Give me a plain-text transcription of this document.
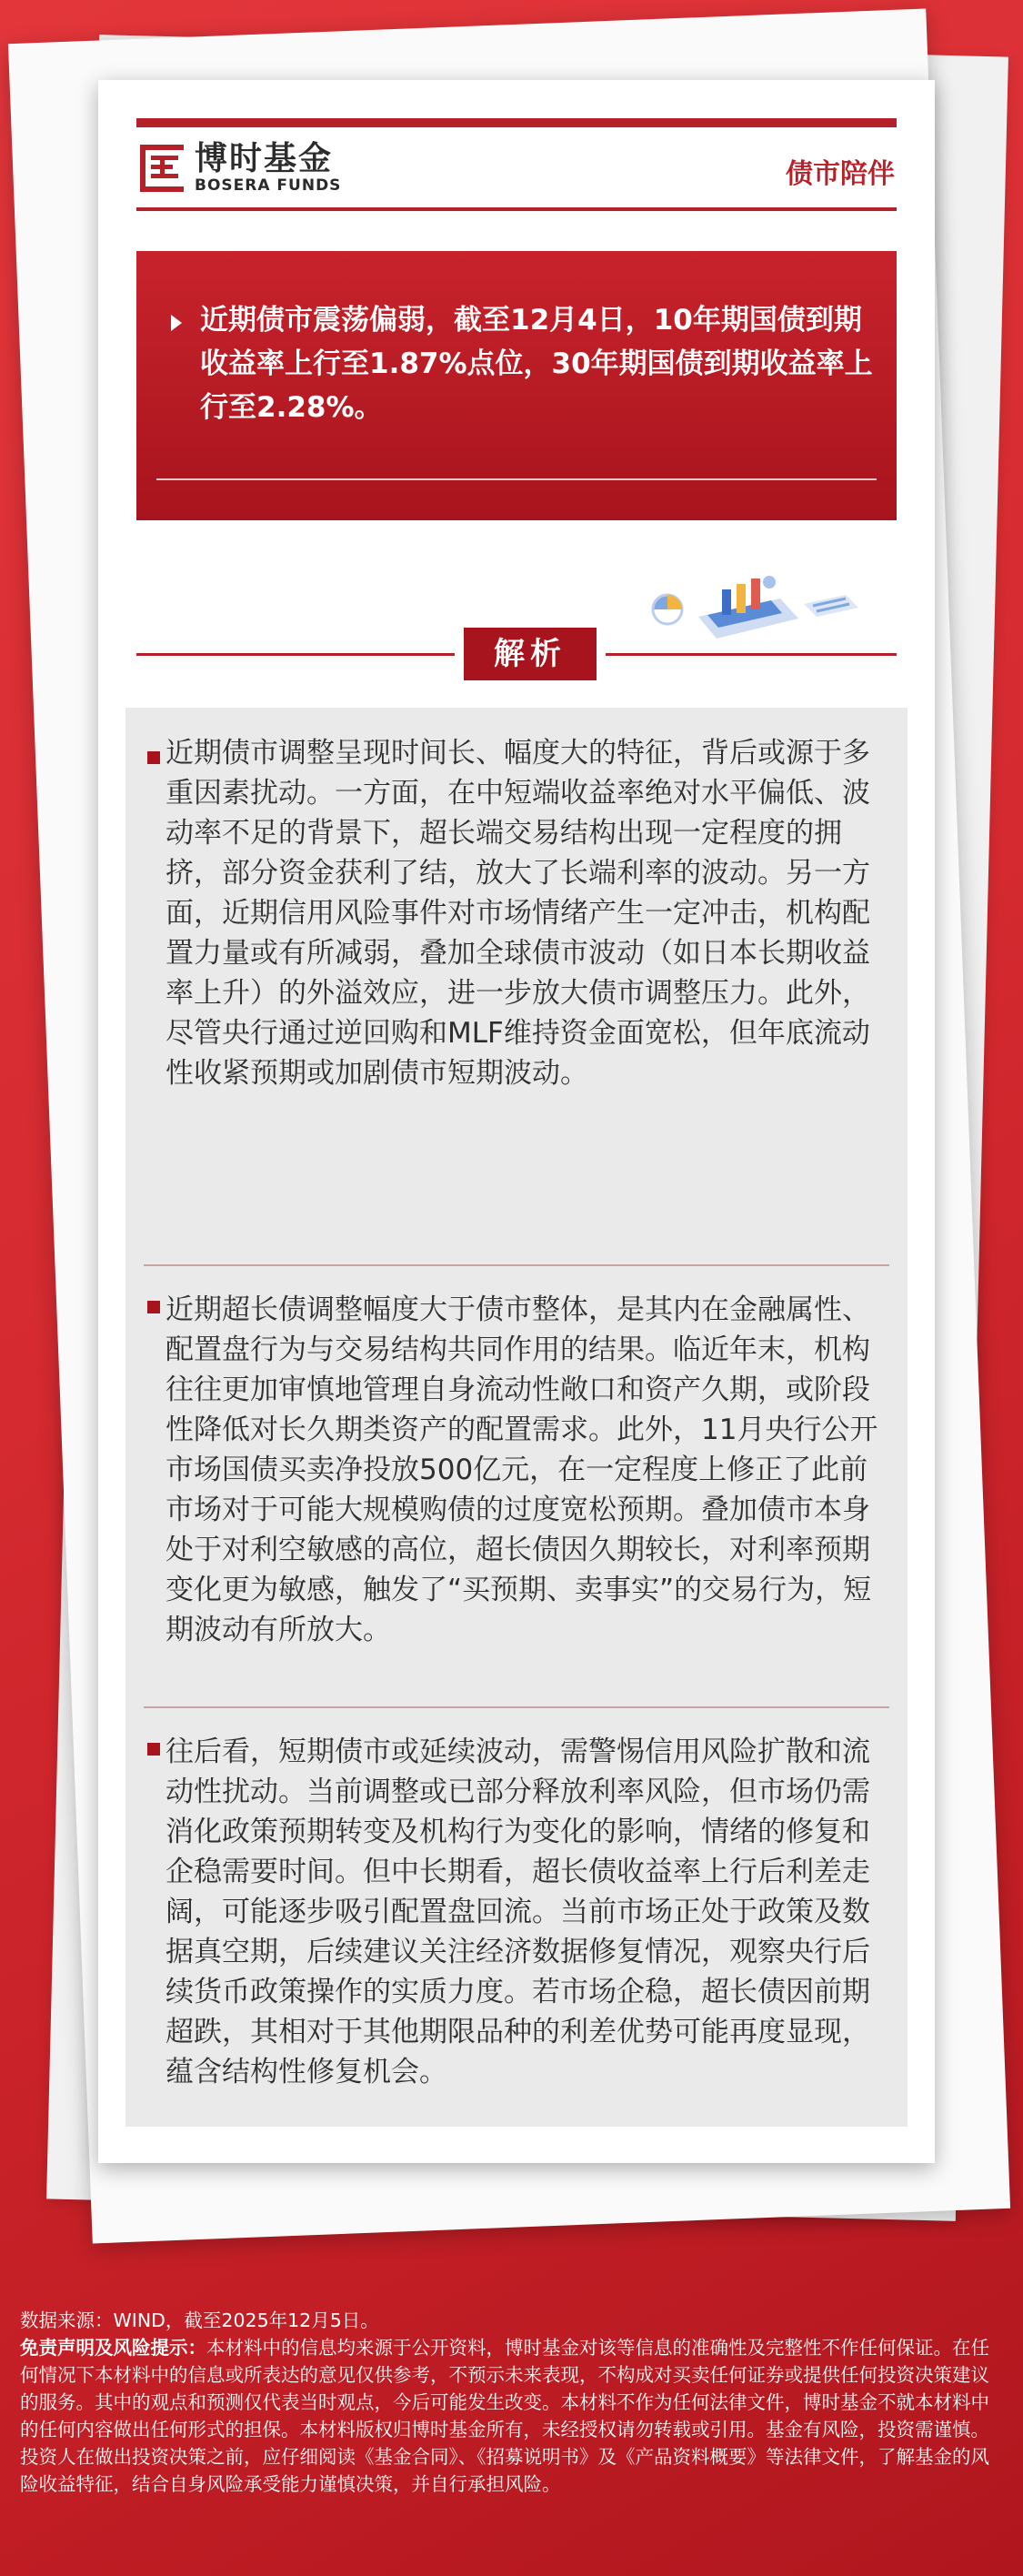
博时基金
BOSERA FUNDS	债市陪伴
近期债市震荡偏弱，截至12月4日，10年期国债到期收益率上行至1.87%点位，30年期国债到期收益率上行至2.28%。
解析
近期债市调整呈现时间长、幅度大的特征，背后或源于多重因素扰动。一方面，在中短端收益率绝对水平偏低、波动率不足的背景下，超长端交易结构出现一定程度的拥挤，部分资金获利了结，放大了长端利率的波动。另一方面，近期信用风险事件对市场情绪产生一定冲击，机构配置力量或有所减弱，叠加全球债市波动（如日本长期收益率上升）的外溢效应，进一步放大债市调整压力。此外，尽管央行通过逆回购和MLF维持资金面宽松，但年底流动性收紧预期或加剧债市短期波动。
近期超长债调整幅度大于债市整体，是其内在金融属性、配置盘行为与交易结构共同作用的结果。临近年末，机构往往更加审慎地管理自身流动性敞口和资产久期，或阶段性降低对长久期类资产的配置需求。此外，11月央行公开市场国债买卖净投放500亿元，在一定程度上修正了此前市场对于可能大规模购债的过度宽松预期。叠加债市本身处于对利空敏感的高位，超长债因久期较长，对利率预期变化更为敏感，触发了“买预期、卖事实”的交易行为，短期波动有所放大。
往后看，短期债市或延续波动，需警惕信用风险扩散和流动性扰动。当前调整或已部分释放利率风险，但市场仍需消化政策预期转变及机构行为变化的影响，情绪的修复和企稳需要时间。但中长期看，超长债收益率上行后利差走阔，可能逐步吸引配置盘回流。当前市场正处于政策及数据真空期，后续建议关注经济数据修复情况，观察央行后续货币政策操作的实质力度。若市场企稳，超长债因前期超跌，其相对于其他期限品种的利差优势可能再度显现，蕴含结构性修复机会。

数据来源：WIND，截至2025年12月5日。

免责声明及风险提示：本材料中的信息均来源于公开资料，博时基金对该等信息的准确性及完整性不作任何保证。在任何情况下本材料中的信息或所表达的意见仅供参考，不预示未来表现，不构成对买卖任何证券或提供任何投资决策建议的服务。其中的观点和预测仅代表当时观点，今后可能发生改变。本材料不作为任何法律文件，博时基金不就本材料中的任何内容做出任何形式的担保。本材料版权归博时基金所有，未经授权请勿转载或引用。基金有风险，投资需谨慎。投资人在做出投资决策之前，应仔细阅读《基金合同》、《招募说明书》及《产品资料概要》等法律文件，了解基金的风险收益特征，结合自身风险承受能力谨慎决策，并自行承担风险。
